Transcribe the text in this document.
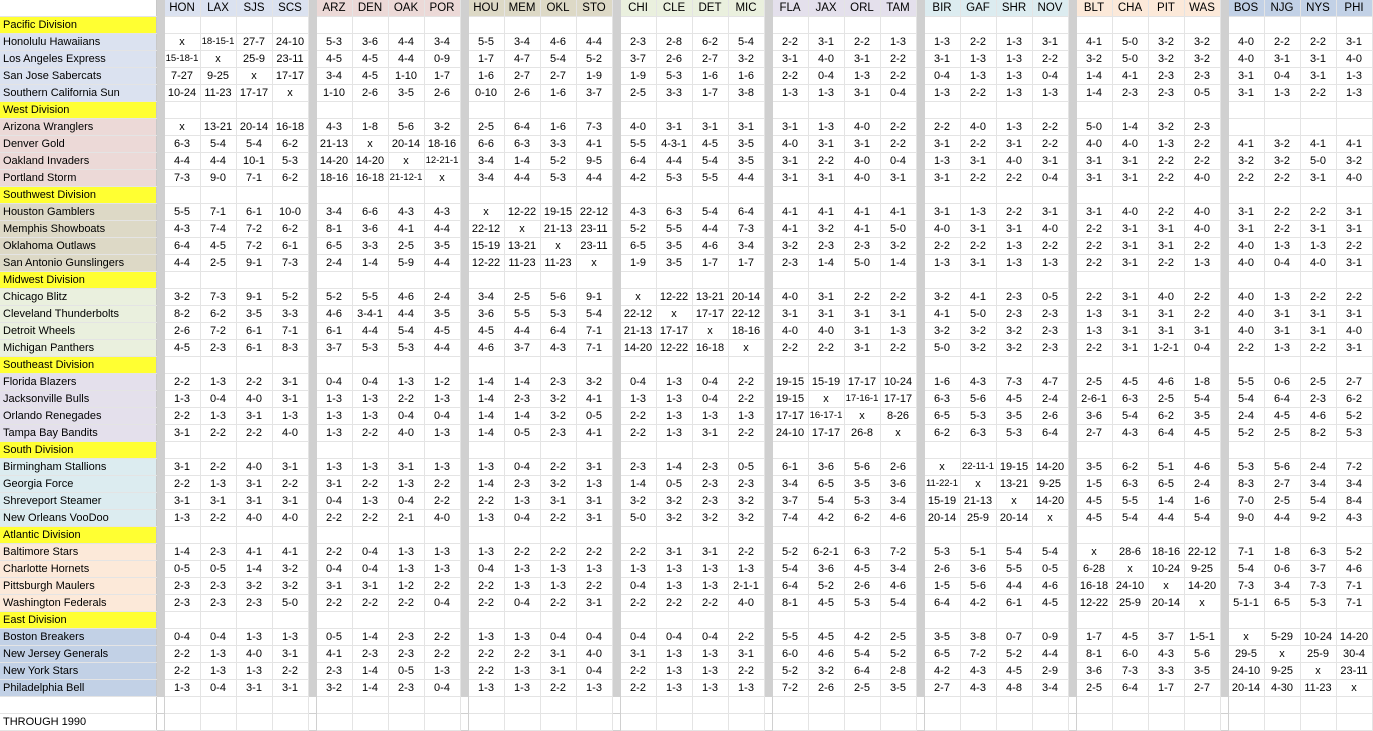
		HON	LAX	SJS	SCS		ARZ	DEN	OAK	POR		HOU	MEM	OKL	STO		CHI	CLE	DET	MIC		FLA	JAX	ORL	TAM		BIR	GAF	SHR	NOV		BLT	CHA	PIT	WAS		BOS	NJG	NYS	PHI
Pacific Division																																								
Honolulu Hawaiians		x	18-15-1	27-7	24-10		5-3	3-6	4-4	3-4		5-5	3-4	4-6	4-4		2-3	2-8	6-2	5-4		2-2	3-1	2-2	1-3		1-3	2-2	1-3	3-1		4-1	5-0	3-2	3-2		4-0	2-2	2-2	3-1
Los Angeles Express		15-18-1	x	25-9	23-11		4-5	4-5	4-4	0-9		1-7	4-7	5-4	5-2		3-7	2-6	2-7	3-2		3-1	4-0	3-1	2-2		3-1	1-3	1-3	2-2		3-2	5-0	3-2	3-2		4-0	3-1	3-1	4-0
San Jose Sabercats		7-27	9-25	x	17-17		3-4	4-5	1-10	1-7		1-6	2-7	2-7	1-9		1-9	5-3	1-6	1-6		2-2	0-4	1-3	2-2		0-4	1-3	1-3	0-4		1-4	4-1	2-3	2-3		3-1	0-4	3-1	1-3
Southern California Sun		10-24	11-23	17-17	x		1-10	2-6	3-5	2-6		0-10	2-6	1-6	3-7		2-5	3-3	1-7	3-8		1-3	1-3	3-1	0-4		1-3	2-2	1-3	1-3		1-4	2-3	2-3	0-5		3-1	1-3	2-2	1-3
West Division																																								
Arizona Wranglers		x	13-21	20-14	16-18		4-3	1-8	5-6	3-2		2-5	6-4	1-6	7-3		4-0	3-1	3-1	3-1		3-1	1-3	4-0	2-2		2-2	4-0	1-3	2-2		5-0	1-4	3-2	2-3					
Denver Gold		6-3	5-4	5-4	6-2		21-13	x	20-14	18-16		6-6	6-3	3-3	4-1		5-5	4-3-1	4-5	3-5		4-0	3-1	3-1	2-2		3-1	2-2	3-1	2-2		4-0	4-0	1-3	2-2		4-1	3-2	4-1	4-1
Oakland Invaders		4-4	4-4	10-1	5-3		14-20	14-20	x	12-21-1		3-4	1-4	5-2	9-5		6-4	4-4	5-4	3-5		3-1	2-2	4-0	0-4		1-3	3-1	4-0	3-1		3-1	3-1	2-2	2-2		3-2	3-2	5-0	3-2
Portland Storm		7-3	9-0	7-1	6-2		18-16	16-18	21-12-1	x		3-4	4-4	5-3	4-4		4-2	5-3	5-5	4-4		3-1	3-1	4-0	3-1		3-1	2-2	2-2	0-4		3-1	3-1	2-2	4-0		2-2	2-2	3-1	4-0
Southwest Division																																								
Houston Gamblers		5-5	7-1	6-1	10-0		3-4	6-6	4-3	4-3		x	12-22	19-15	22-12		4-3	6-3	5-4	6-4		4-1	4-1	4-1	4-1		3-1	1-3	2-2	3-1		3-1	4-0	2-2	4-0		3-1	2-2	2-2	3-1
Memphis Showboats		4-3	7-4	7-2	6-2		8-1	3-6	4-1	4-4		22-12	x	21-13	23-11		5-2	5-5	4-4	7-3		4-1	3-2	4-1	5-0		4-0	3-1	3-1	4-0		2-2	3-1	3-1	4-0		3-1	2-2	3-1	3-1
Oklahoma Outlaws		6-4	4-5	7-2	6-1		6-5	3-3	2-5	3-5		15-19	13-21	x	23-11		6-5	3-5	4-6	3-4		3-2	2-3	2-3	3-2		2-2	2-2	1-3	2-2		2-2	3-1	3-1	2-2		4-0	1-3	1-3	2-2
San Antonio Gunslingers		4-4	2-5	9-1	7-3		2-4	1-4	5-9	4-4		12-22	11-23	11-23	x		1-9	3-5	1-7	1-7		2-3	1-4	5-0	1-4		1-3	3-1	1-3	1-3		2-2	3-1	2-2	1-3		4-0	0-4	4-0	3-1
Midwest Division																																								
Chicago Blitz		3-2	7-3	9-1	5-2		5-2	5-5	4-6	2-4		3-4	2-5	5-6	9-1		x	12-22	13-21	20-14		4-0	3-1	2-2	2-2		3-2	4-1	2-3	0-5		2-2	3-1	4-0	2-2		4-0	1-3	2-2	2-2
Cleveland Thunderbolts		8-2	6-2	3-5	3-3		4-6	3-4-1	4-4	3-5		3-6	5-5	5-3	5-4		22-12	x	17-17	22-12		3-1	3-1	3-1	3-1		4-1	5-0	2-3	2-3		1-3	3-1	3-1	2-2		4-0	3-1	3-1	3-1
Detroit Wheels		2-6	7-2	6-1	7-1		6-1	4-4	5-4	4-5		4-5	4-4	6-4	7-1		21-13	17-17	x	18-16		4-0	4-0	3-1	1-3		3-2	3-2	3-2	2-3		1-3	3-1	3-1	3-1		4-0	3-1	3-1	4-0
Michigan Panthers		4-5	2-3	6-1	8-3		3-7	5-3	5-3	4-4		4-6	3-7	4-3	7-1		14-20	12-22	16-18	x		2-2	2-2	3-1	2-2		5-0	3-2	3-2	2-3		2-2	3-1	1-2-1	0-4		2-2	1-3	2-2	3-1
Southeast Division																																								
Florida Blazers		2-2	1-3	2-2	3-1		0-4	0-4	1-3	1-2		1-4	1-4	2-3	3-2		0-4	1-3	0-4	2-2		19-15	15-19	17-17	10-24		1-6	4-3	7-3	4-7		2-5	4-5	4-6	1-8		5-5	0-6	2-5	2-7
Jacksonville Bulls		1-3	0-4	4-0	3-1		1-3	1-3	2-2	1-3		1-4	2-3	3-2	4-1		1-3	1-3	0-4	2-2		19-15	x	17-16-1	17-17		6-3	5-6	4-5	2-4		2-6-1	6-3	2-5	5-4		5-4	6-4	2-3	6-2
Orlando Renegades		2-2	1-3	3-1	1-3		1-3	1-3	0-4	0-4		1-4	1-4	3-2	0-5		2-2	1-3	1-3	1-3		17-17	16-17-1	x	8-26		6-5	5-3	3-5	2-6		3-6	5-4	6-2	3-5		2-4	4-5	4-6	5-2
Tampa Bay Bandits		3-1	2-2	2-2	4-0		1-3	2-2	4-0	1-3		1-4	0-5	2-3	4-1		2-2	1-3	3-1	2-2		24-10	17-17	26-8	x		6-2	6-3	5-3	6-4		2-7	4-3	6-4	4-5		5-2	2-5	8-2	5-3
South Division																																								
Birmingham Stallions		3-1	2-2	4-0	3-1		1-3	1-3	3-1	1-3		1-3	0-4	2-2	3-1		2-3	1-4	2-3	0-5		6-1	3-6	5-6	2-6		x	22-11-1	19-15	14-20		3-5	6-2	5-1	4-6		5-3	5-6	2-4	7-2
Georgia Force		2-2	1-3	3-1	2-2		3-1	2-2	1-3	2-2		1-4	2-3	3-2	1-3		1-4	0-5	2-3	2-3		3-4	6-5	3-5	3-6		11-22-1	x	13-21	9-25		1-5	6-3	6-5	2-4		8-3	2-7	3-4	3-4
Shreveport Steamer		3-1	3-1	3-1	3-1		0-4	1-3	0-4	2-2		2-2	1-3	3-1	3-1		3-2	3-2	2-3	3-2		3-7	5-4	5-3	3-4		15-19	21-13	x	14-20		4-5	5-5	1-4	1-6		7-0	2-5	5-4	8-4
New Orleans VooDoo		1-3	2-2	4-0	4-0		2-2	2-2	2-1	4-0		1-3	0-4	2-2	3-1		5-0	3-2	3-2	3-2		7-4	4-2	6-2	4-6		20-14	25-9	20-14	x		4-5	5-4	4-4	5-4		9-0	4-4	9-2	4-3
Atlantic Division																																								
Baltimore Stars		1-4	2-3	4-1	4-1		2-2	0-4	1-3	1-3		1-3	2-2	2-2	2-2		2-2	3-1	3-1	2-2		5-2	6-2-1	6-3	7-2		5-3	5-1	5-4	5-4		x	28-6	18-16	22-12		7-1	1-8	6-3	5-2
Charlotte Hornets		0-5	0-5	1-4	3-2		0-4	0-4	1-3	1-3		0-4	1-3	1-3	1-3		1-3	1-3	1-3	1-3		5-4	3-6	4-5	3-4		2-6	3-6	5-5	0-5		6-28	x	10-24	9-25		5-4	0-6	3-7	4-6
Pittsburgh Maulers		2-3	2-3	3-2	3-2		3-1	3-1	1-2	2-2		2-2	1-3	1-3	2-2		0-4	1-3	1-3	2-1-1		6-4	5-2	2-6	4-6		1-5	5-6	4-4	4-6		16-18	24-10	x	14-20		7-3	3-4	7-3	7-1
Washington Federals		2-3	2-3	2-3	5-0		2-2	2-2	2-2	0-4		2-2	0-4	2-2	3-1		2-2	2-2	2-2	4-0		8-1	4-5	5-3	5-4		6-4	4-2	6-1	4-5		12-22	25-9	20-14	x		5-1-1	6-5	5-3	7-1
East Division																																								
Boston Breakers		0-4	0-4	1-3	1-3		0-5	1-4	2-3	2-2		1-3	1-3	0-4	0-4		0-4	0-4	0-4	2-2		5-5	4-5	4-2	2-5		3-5	3-8	0-7	0-9		1-7	4-5	3-7	1-5-1		x	5-29	10-24	14-20
New Jersey Generals		2-2	1-3	4-0	3-1		4-1	2-3	2-3	2-2		2-2	2-2	3-1	4-0		3-1	1-3	1-3	3-1		6-0	4-6	5-4	5-2		6-5	7-2	5-2	4-4		8-1	6-0	4-3	5-6		29-5	x	25-9	30-4
New York Stars		2-2	1-3	1-3	2-2		2-3	1-4	0-5	1-3		2-2	1-3	3-1	0-4		2-2	1-3	1-3	2-2		5-2	3-2	6-4	2-8		4-2	4-3	4-5	2-9		3-6	7-3	3-3	3-5		24-10	9-25	x	23-11
Philadelphia Bell		1-3	0-4	3-1	3-1		3-2	1-4	2-3	0-4		1-3	1-3	2-2	1-3		2-2	1-3	1-3	1-3		7-2	2-6	2-5	3-5		2-7	4-3	4-8	3-4		2-5	6-4	1-7	2-7		20-14	4-30	11-23	x

THROUGH 1990																																								
